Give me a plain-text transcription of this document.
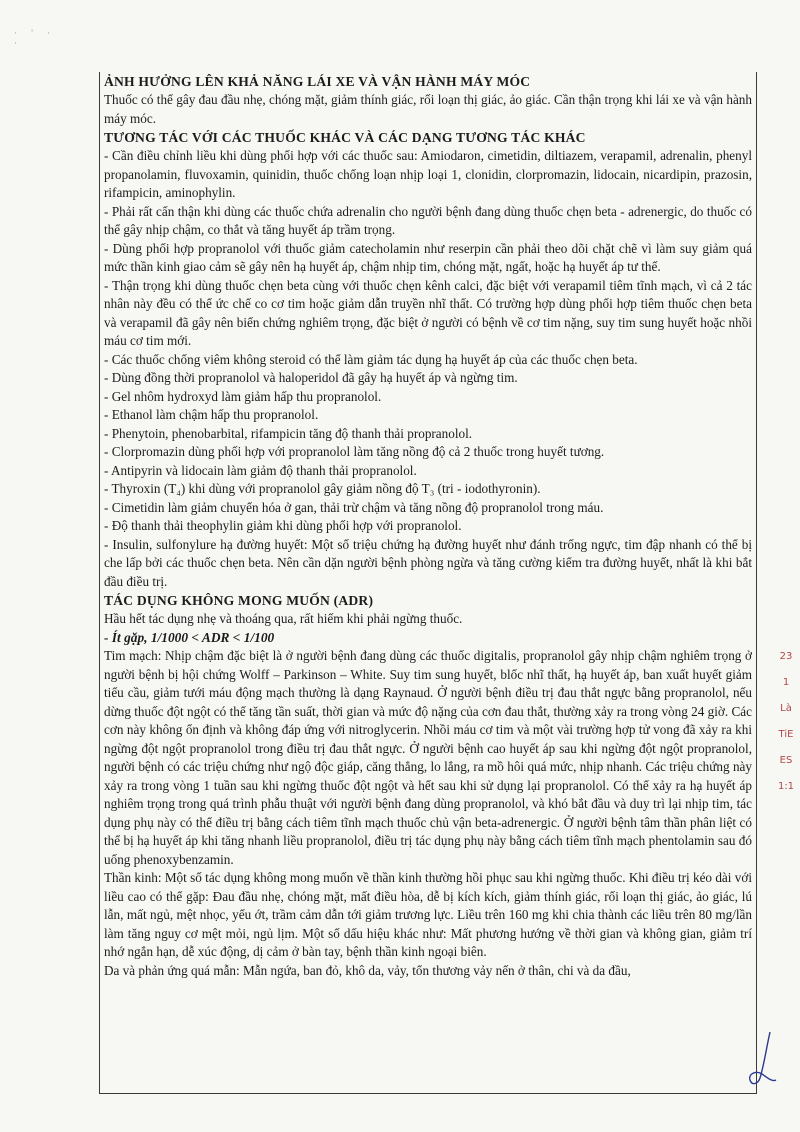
· ' ·
·
ẢNH HƯỞNG LÊN KHẢ NĂNG LÁI XE VÀ VẬN HÀNH MÁY MÓC

Thuốc có thể gây đau đầu nhẹ, chóng mặt, giảm thính giác, rối loạn thị giác, ảo giác. Cần thận trọng khi lái xe và vận hành máy móc.

TƯƠNG TÁC VỚI CÁC THUỐC KHÁC VÀ CÁC DẠNG TƯƠNG TÁC KHÁC

- Cần điều chỉnh liều khi dùng phối hợp với các thuốc sau: Amiodaron, cimetidin, diltiazem, verapamil, adrenalin, phenyl propanolamin, fluvoxamin, quinidin, thuốc chống loạn nhịp loại 1, clonidin, clorpromazin, lidocain, nicardipin, prazosin, rifampicin, aminophylin.

- Phải rất cẩn thận khi dùng các thuốc chứa adrenalin cho người bệnh đang dùng thuốc chẹn beta - adrenergic, do thuốc có thể gây nhịp chậm, co thắt và tăng huyết áp trầm trọng.

- Dùng phối hợp propranolol với thuốc giảm catecholamin như reserpin cần phải theo dõi chặt chẽ vì làm suy giảm quá mức thần kinh giao cảm sẽ gây nên hạ huyết áp, chậm nhịp tim, chóng mặt, ngất, hoặc hạ huyết áp tư thế.

- Thận trọng khi dùng thuốc chẹn beta cùng với thuốc chẹn kênh calci, đặc biệt với verapamil tiêm tĩnh mạch, vì cả 2 tác nhân này đều có thể ức chế co cơ tim hoặc giảm dẫn truyền nhĩ thất. Có trường hợp dùng phối hợp tiêm thuốc chẹn beta và verapamil đã gây nên biến chứng nghiêm trọng, đặc biệt ở người có bệnh về cơ tim nặng, suy tim sung huyết hoặc nhồi máu cơ tim mới.

- Các thuốc chống viêm không steroid có thể làm giảm tác dụng hạ huyết áp của các thuốc chẹn beta.

- Dùng đồng thời propranolol và haloperidol đã gây hạ huyết áp và ngừng tim.

- Gel nhôm hydroxyd làm giảm hấp thu propranolol.

- Ethanol làm chậm hấp thu propranolol.

- Phenytoin, phenobarbital, rifampicin tăng độ thanh thải propranolol.

- Clorpromazin dùng phối hợp với propranolol làm tăng nồng độ cả 2 thuốc trong huyết tương.

- Antipyrin và lidocain làm giảm độ thanh thải propranolol.

- Thyroxin (T₄) khi dùng với propranolol gây giảm nồng độ T₃ (tri - iodothyronin).

- Cimetidin làm giảm chuyển hóa ở gan, thải trừ chậm và tăng nồng độ propranolol trong máu.

- Độ thanh thải theophylin giảm khi dùng phối hợp với propranolol.

- Insulin, sulfonylure hạ đường huyết: Một số triệu chứng hạ đường huyết như đánh trống ngực, tim đập nhanh có thể bị che lấp bởi các thuốc chẹn beta. Nên cần dặn người bệnh phòng ngừa và tăng cường kiểm tra đường huyết, nhất là khi bắt đầu điều trị.

TÁC DỤNG KHÔNG MONG MUỐN (ADR)

Hầu hết tác dụng nhẹ và thoáng qua, rất hiếm khi phải ngừng thuốc.

- Ít gặp, 1/1000 < ADR < 1/100

Tim mạch: Nhịp chậm đặc biệt là ở người bệnh đang dùng các thuốc digitalis, propranolol gây nhịp chậm nghiêm trọng ở người bệnh bị hội chứng Wolff – Parkinson – White. Suy tim sung huyết, blốc nhĩ thất, hạ huyết áp, ban xuất huyết giảm tiểu cầu, giảm tưới máu động mạch thường là dạng Raynaud. Ở người bệnh điều trị đau thắt ngực bằng propranolol, nếu dừng thuốc đột ngột có thể tăng tần suất, thời gian và mức độ nặng của cơn đau thắt, thường xảy ra trong vòng 24 giờ. Các cơn này không ổn định và không đáp ứng với nitroglycerin. Nhồi máu cơ tim và một vài trường hợp tử vong đã xảy ra khi ngừng đột ngột propranolol trong điều trị đau thắt ngực. Ở người bệnh cao huyết áp sau khi ngừng đột ngột propranolol, người bệnh có các triệu chứng như ngộ độc giáp, căng thẳng, lo lắng, ra mồ hôi quá mức, nhịp nhanh. Các triệu chứng này xảy ra trong vòng 1 tuần sau khi ngừng thuốc đột ngột và hết sau khi sử dụng lại propranolol. Có thể xảy ra hạ huyết áp nghiêm trọng trong quá trình phẫu thuật với người bệnh đang dùng propranolol, và khó bắt đầu và duy trì lại nhịp tim, tác dụng phụ này có thể điều trị bằng cách tiêm tĩnh mạch thuốc chủ vận beta-adrenergic. Ở người bệnh tâm thần phân liệt có thể bị hạ huyết áp khi tăng nhanh liều propranolol, điều trị tác dụng phụ này bằng cách tiêm tĩnh mạch phentolamin sau đó uống phenoxybenzamin.

Thần kinh: Một số tác dụng không mong muốn về thần kinh thường hồi phục sau khi ngừng thuốc. Khi điều trị kéo dài với liều cao có thể gặp: Đau đầu nhẹ, chóng mặt, mất điều hòa, dễ bị kích kích, giảm thính giác, rối loạn thị giác, ảo giác, lú lẫn, mất ngủ, mệt nhọc, yếu ớt, trầm cảm dẫn tới giảm trương lực. Liều trên 160 mg khi chia thành các liều trên 80 mg/lần làm tăng nguy cơ mệt mỏi, ngủ lịm. Một số dấu hiệu khác như: Mất phương hướng về thời gian và không gian, giảm trí nhớ ngắn hạn, dễ xúc động, dị cảm ở bàn tay, bệnh thần kinh ngoại biên.

Da và phản ứng quá mẫn: Mẫn ngứa, ban đỏ, khô da, vảy, tổn thương vảy nến ở thân, chi và da đầu,

23
1
Là
TiE
ES
1:1
